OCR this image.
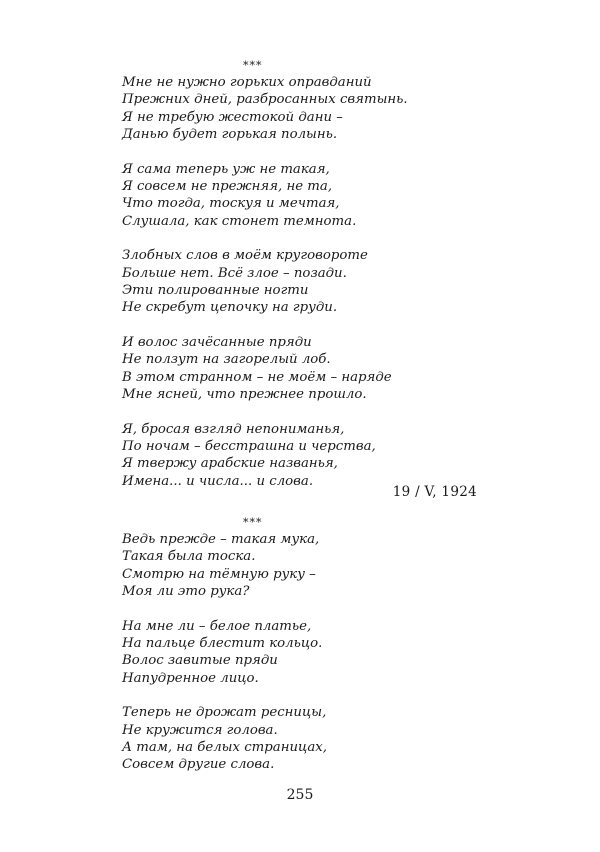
***
Мне не нужно горьких оправданий
Прежних дней, разбросанных святынь.
Я не требую жестокой дани –
Данью будет горькая полынь.
Я сама теперь уж не такая,
Я совсем не прежняя, не та,
Что тогда, тоскуя и мечтая,
Слушала, как стонет темнота.
Злобных слов в моём круговороте
Больше нет. Всё злое – позади.
Эти полированные ногти
Не скребут цепочку на груди.
И волос зачёсанные пряди
Не ползут на загорелый лоб.
В этом странном – не моём – наряде
Мне ясней, что прежнее прошло.
Я, бросая взгляд непониманья,
По ночам – бесстрашна и черства,
Я твержу арабские названья,
Имена... и числа... и слова.
19 / V, 1924
***
Ведь прежде – такая мука,
Такая была тоска.
Смотрю на тёмную руку –
Моя ли это рука?
На мне ли – белое платье,
На пальце блестит кольцо.
Волос завитые пряди
Напудренное лицо.
Теперь не дрожат ресницы,
Не кружится голова.
А там, на белых страницах,
Совсем другие слова.
255
